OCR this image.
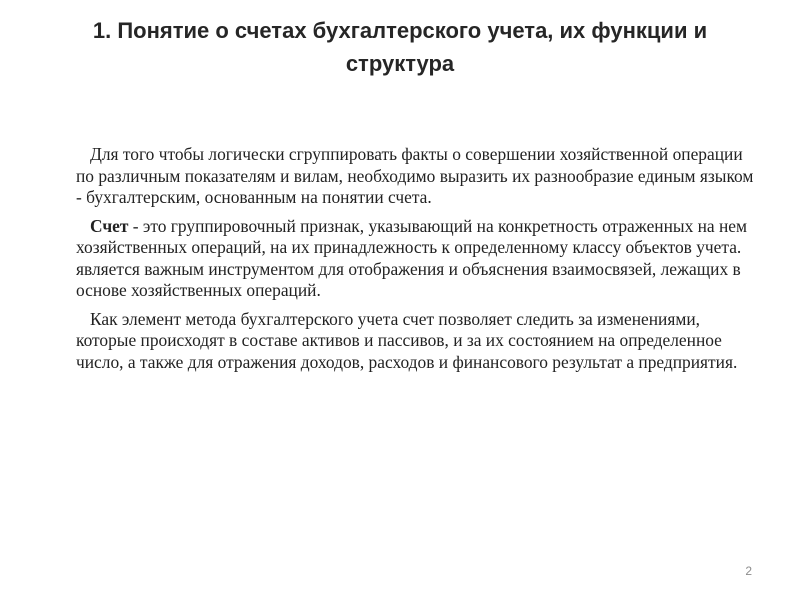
1. Понятие о счетах бухгалтерского учета, их функции и структура

Для того чтобы логически сгруппировать факты о совершении хозяйственной операции по различным показателям и вилам, необходимо выразить их разнообразие единым языком - бухгалтерским, основанным на понятии счета.

Счет - это группировочный признак, указывающий на конкретность отраженных на нем хозяйственных операций, на их принадлежность к определенному классу объектов учета. является важным инструментом для отображения и объяснения взаимосвязей, лежащих в основе хозяйственных операций.

Как элемент метода бухгалтерского учета счет позволяет следить за изменениями, которые происходят в составе активов и пассивов, и за их состоянием на определенное число, а также для отражения доходов, расходов и финансового результат а предприятия.

2
